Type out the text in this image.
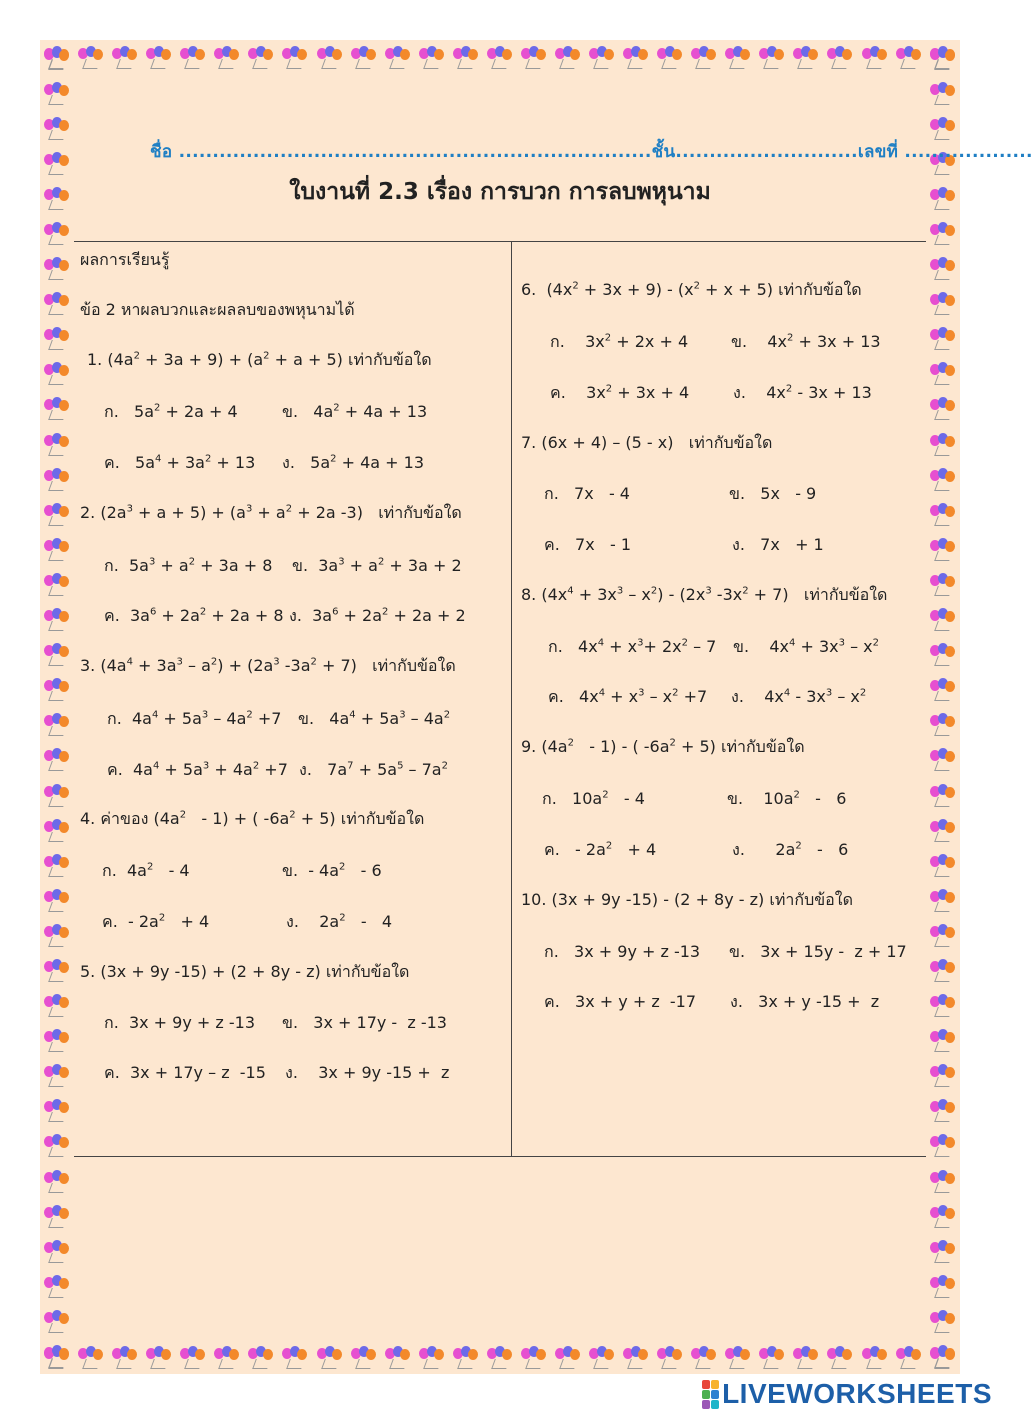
ชื่อ ......................................................................ชั้น...........................เลขที่ ...................
ใบงานที่ 2.3 เรื่อง การบวก การลบพหุนาม
ผลการเรียนรู้
ข้อ 2 หาผลบวกและผลลบของพหุนามได้
1. $(4a^2 + 3a + 9) + (a^2 + a + 5)$ เท่ากับข้อใด
ก.   $5a^2 + 2a + 4$	ข.   $4a^2 + 4a + 13$
ค.   $5a^4 + 3a^2 + 13$ ง.   $5a^2 + 4a + 13$
2. $(2a^3 + a + 5) + (a^3 + a^2 + 2a$ -3)   เท่ากับข้อใด
ก.  $5a^3 + a^2 + 3a + 8$ ข.  $3a^3 + a^2 + 3a + 2$
ค.  $3a^6 + 2a^2 + 2a + 8$ ง.  $3a^6 + 2a^2 + 2a + 2$
3. $(4a^4 + 3a^3 - a^2) + (2a^3$ $-3a^2 + 7$)   เท่ากับข้อใด
ก.  $4a^4 + 5a^3 - 4a^2 +7$ ข.   $4a^4 + 5a^3 - 4a^2$
ค.  $4a^4 + 5a^3 + 4a^2 +7$ ง.   $7a^7 + 5a^5 - 7a^2$
4. ค่าของ $(4a^2 - 1)$ + ( $-6a^2 + 5$) เท่ากับข้อใด
ก.  $4a^2 - 4$	ข.  - $4a^2 - 6$
ค.  - $2a^2 + 4$	ง.    $2a^2 - 4$
5. (3x + 9y -15) + (2 + 8y - z) เท่ากับข้อใด
ก.  3x + 9y + z -13 ข.   3x + 17y -  z -13
ค.  3x + 17y – z  -15 ง.    3x + 9y -15 +  z
6.  $(4x^2 + 3x + 9) - (x^2 + x + 5)$ เท่ากับข้อใด
ก.    $3x^2 + 2x + 4$	ข.    $4x^2 + 3x + 13$
ค.    $3x^2 + 3x + 4$	ง.    $4x^2 - 3x + 13$
7. (6x + 4) – (5 - x)   เท่ากับข้อใด
ก.   7x   - 4	ข.   5x   - 9
ค.   7x   - 1	ง.   7x   + 1
8. $(4x^4 + 3x^3 - x^2) - (2x^3$ $-3x^2 + 7$)   เท่ากับข้อใด
ก.   $4x^4 + x^3+ 2x^2 - 7$ ข.    $4x^4 + 3x^3 - x^2$
ค.   $4x^4 + x^3 - x^2 +7$ ง.    $4x^4 - 3x^3 - x^2$
9. $(4a^2 - 1)$ - ( $-6a^2 + 5$) เท่ากับข้อใด
ก.   $10a^2 - 4$	ข.    $10a^2 - 6$
ค.   - $2a^2 + 4$	ง.      $2a^2 - 6$
10. (3x + 9y -15) - (2 + 8y - z) เท่ากับข้อใด
ก.   3x + 9y + z -13 ข.   3x + 15y -  z + 17
ค.   3x + y + z  -17 ง.   3x + y -15 +  z
LIVEWORKSHEETS
